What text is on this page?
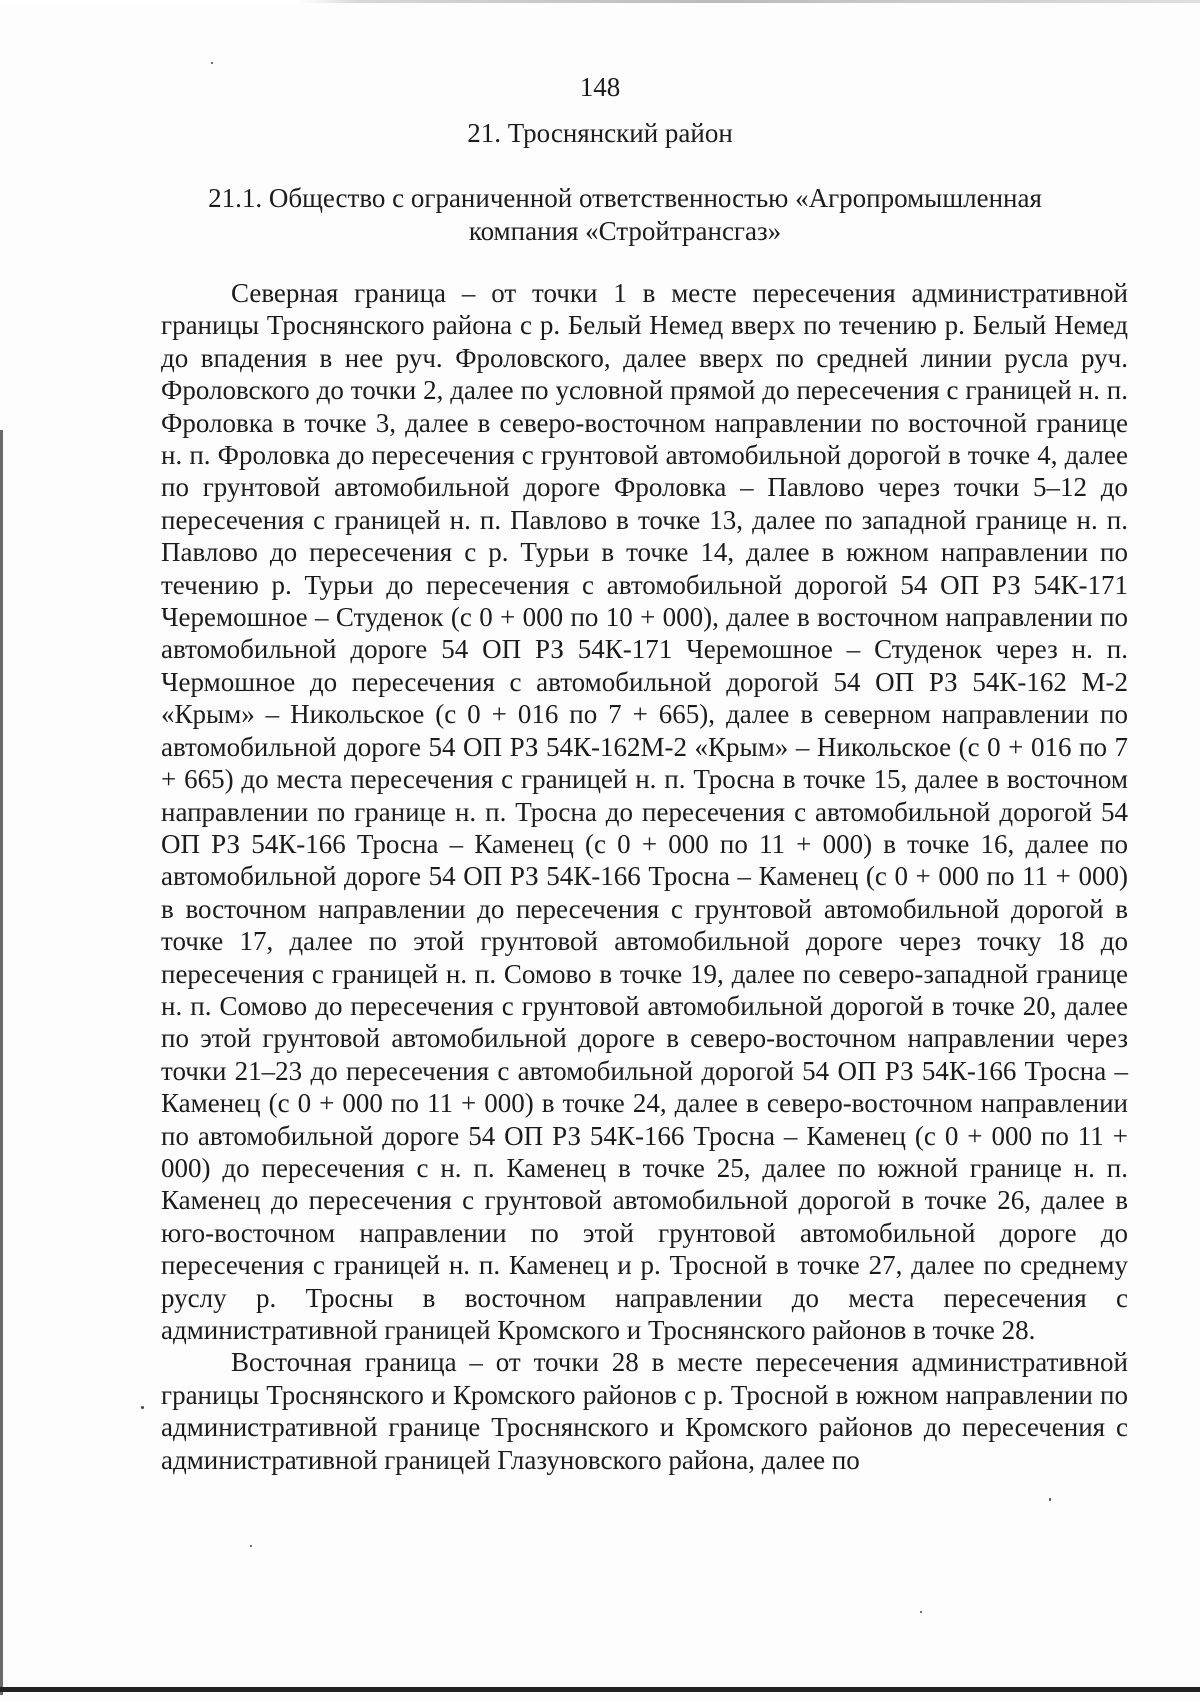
148
21. Троснянский район
21.1. Общество с ограниченной ответственностью «Агропромышленная компания «Стройтрансгаз»

Северная граница – от точки 1 в месте пересечения административной границы Троснянского района с р. Белый Немед вверх по течению р. Белый Немед до впадения в нее руч. Фроловского, далее вверх по средней линии русла руч. Фроловского до точки 2, далее по условной прямой до пересечения с границей н. п. Фроловка в точке 3, далее в северо-восточном направлении по восточной границе н. п. Фроловка до пересечения с грунтовой автомобильной дорогой в точке 4, далее по грунтовой автомобильной дороге Фроловка – Павлово через точки 5–12 до пересечения с границей н. п. Павлово в точке 13, далее по западной границе н. п. Павлово до пересечения с р. Турьи в точке 14, далее в южном направлении по течению р. Турьи до пересечения с автомобильной дорогой 54 ОП РЗ 54К-171 Черемошное – Студенок (с 0 + 000 по 10 + 000), далее в восточном направлении по автомобильной дороге 54 ОП РЗ 54К-171 Черемошное – Студенок через н. п. Чермошное до пересечения с автомобильной дорогой 54 ОП РЗ 54К-162 М-2 «Крым» – Никольское (с 0 + 016 по 7 + 665), далее в северном направлении по автомобильной дороге 54 ОП РЗ 54К-162М-2 «Крым» – Никольское (с 0 + 016 по 7 + 665) до места пересечения с границей н. п. Тросна в точке 15, далее в восточном направлении по границе н. п. Тросна до пересечения с автомобильной дорогой 54 ОП РЗ 54К-166 Тросна – Каменец (с 0 + 000 по 11 + 000) в точке 16, далее по автомобильной дороге 54 ОП РЗ 54К-166 Тросна – Каменец (с 0 + 000 по 11 + 000) в восточном направлении до пересечения с грунтовой автомобильной дорогой в точке 17, далее по этой грунтовой автомобильной дороге через точку 18 до пересечения с границей н. п. Сомово в точке 19, далее по северо-западной границе н. п. Сомово до пересечения с грунтовой автомобильной дорогой в точке 20, далее по этой грунтовой автомобильной дороге в северо-восточном направлении через точки 21–23 до пересечения с автомобильной дорогой 54 ОП РЗ 54К-166 Тросна – Каменец (с 0 + 000 по 11 + 000) в точке 24, далее в северо-восточном направлении по автомобильной дороге 54 ОП РЗ 54К-166 Тросна – Каменец (с 0 + 000 по 11 + 000) до пересечения с н. п. Каменец в точке 25, далее по южной границе н. п. Каменец до пересечения с грунтовой автомобильной дорогой в точке 26, далее в юго-восточном направлении по этой грунтовой автомобильной дороге до пересечения с границей н. п. Каменец и р. Тросной в точке 27, далее по среднему руслу р. Тросны в восточном направлении до места пересечения с административной границей Кромского и Троснянского районов в точке 28.

Восточная граница – от точки 28 в месте пересечения административной границы Троснянского и Кромского районов с р. Тросной в южном направлении по административной границе Троснянского и Кромского районов до пересечения с административной границей Глазуновского района, далее по
